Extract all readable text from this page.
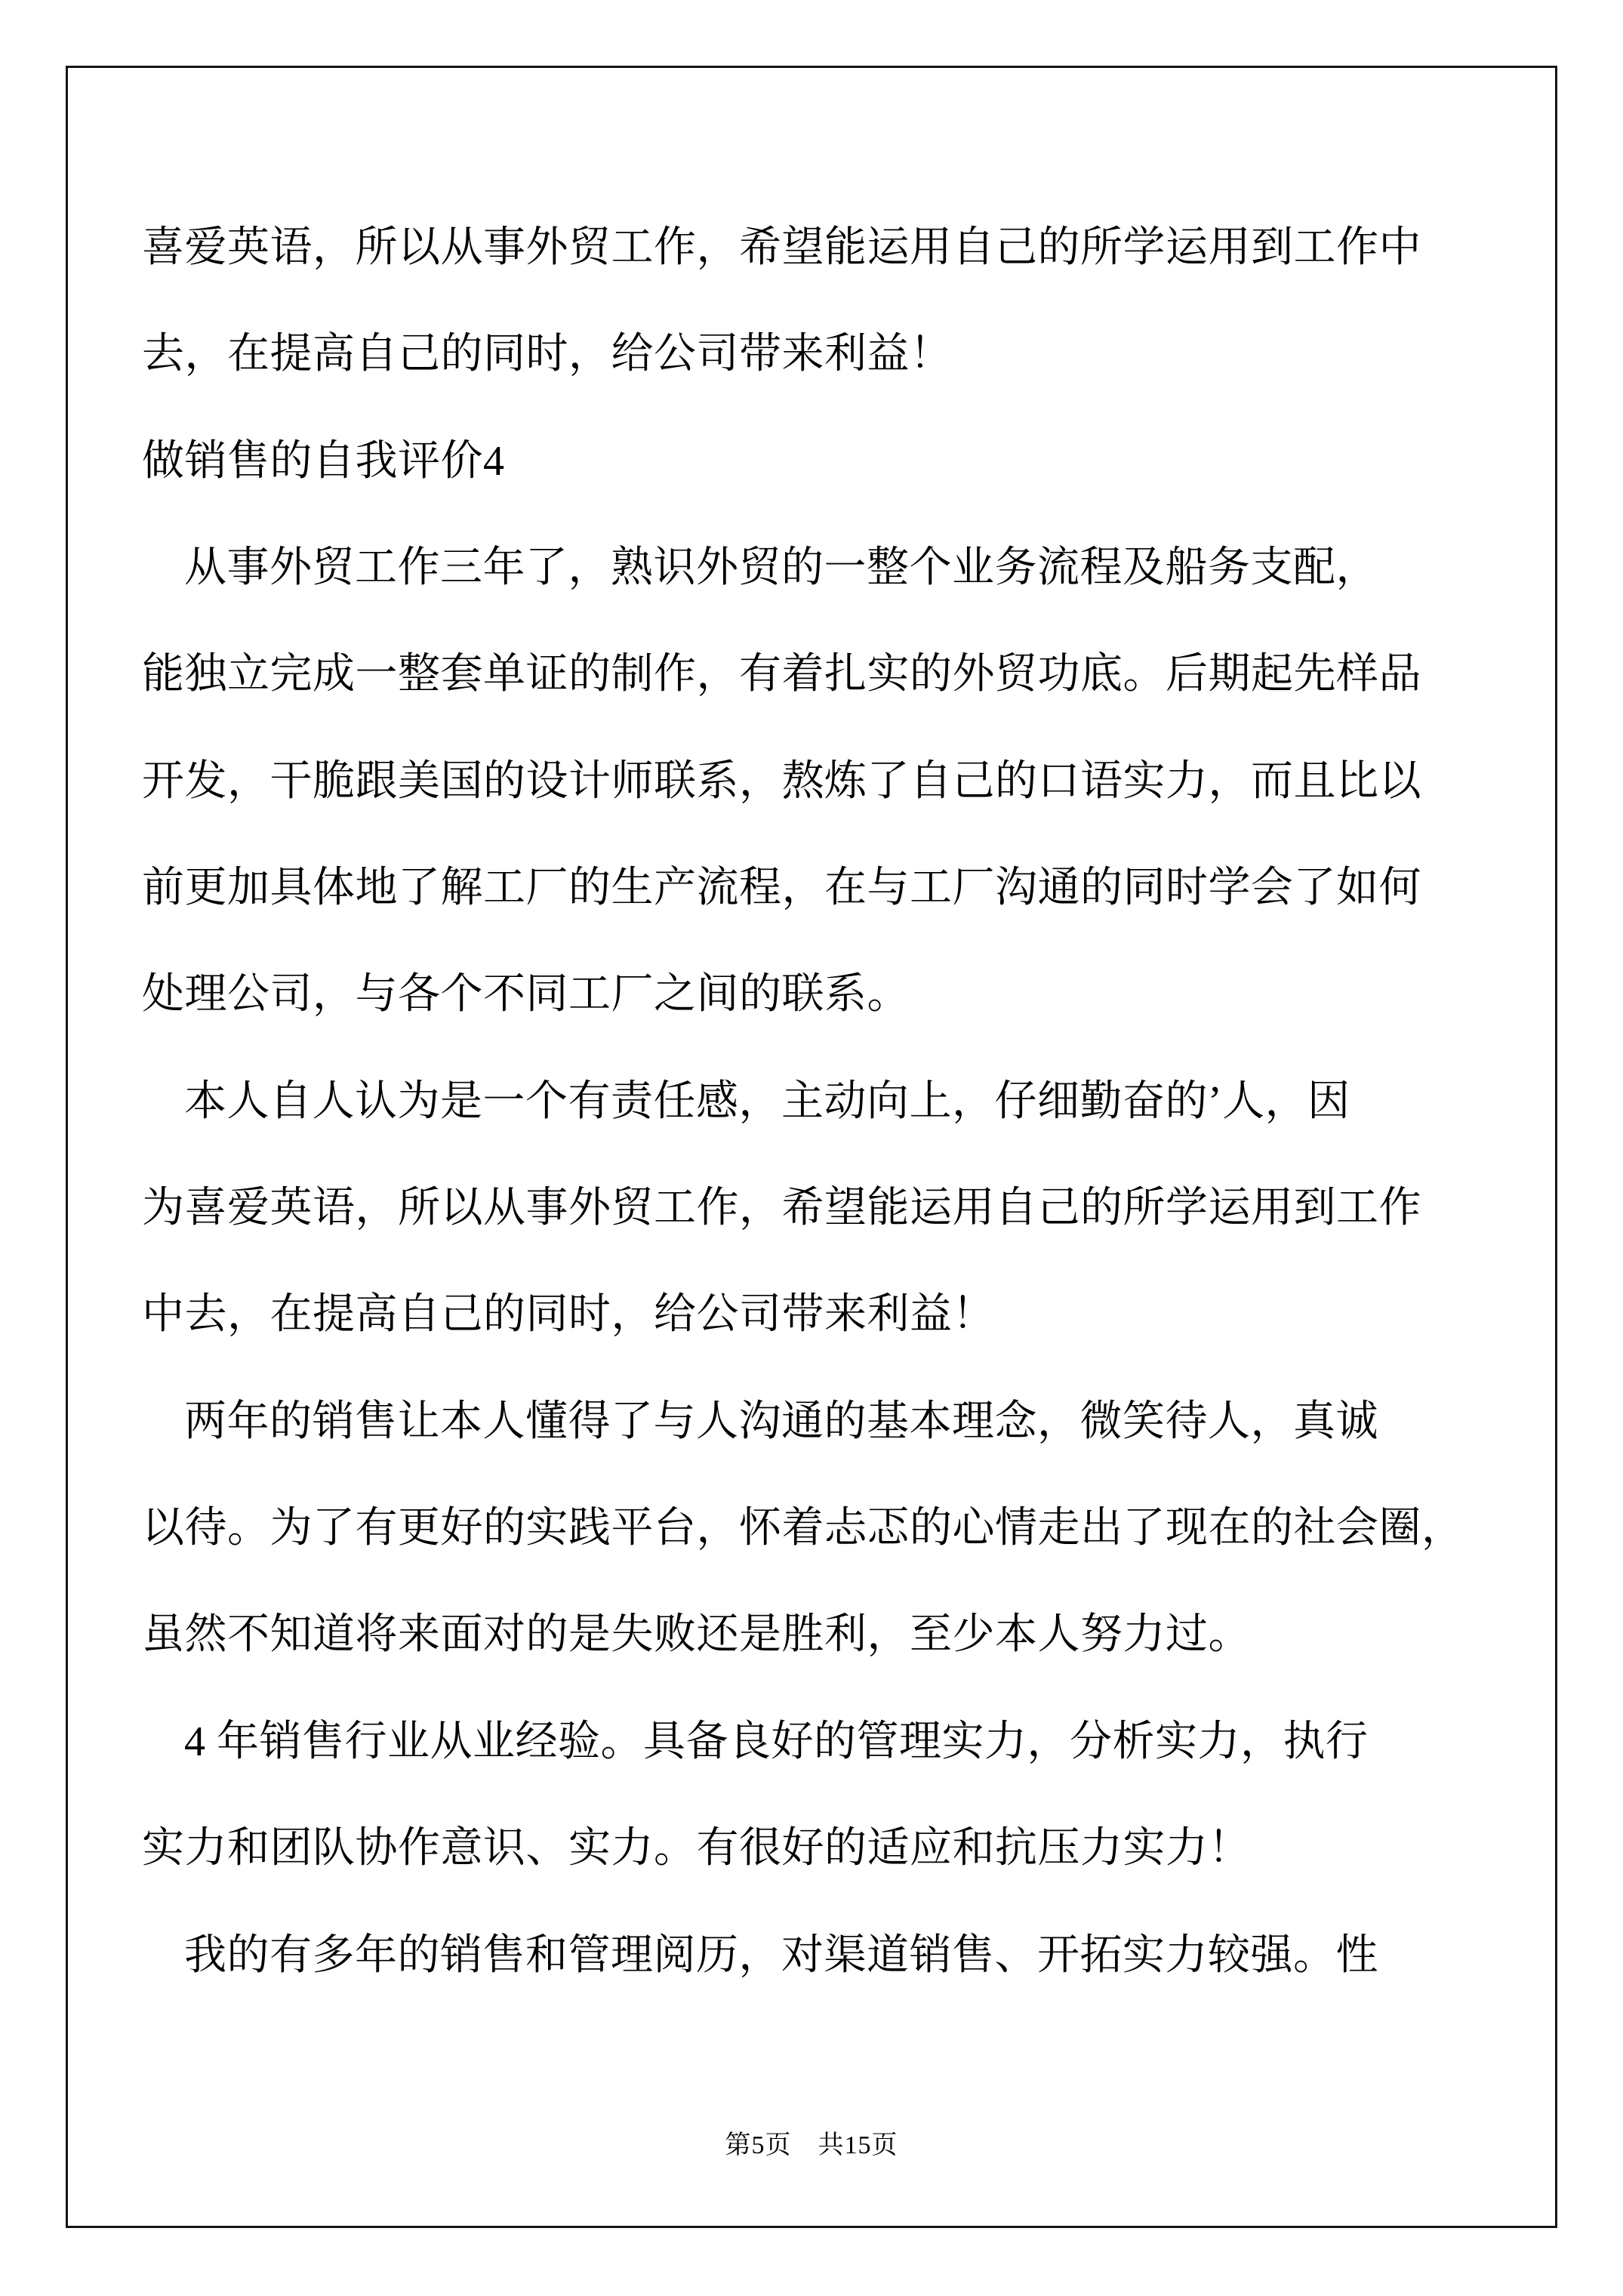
喜爱英语，所以从事外贸工作，希望能运用自己的所学运用到工作中
去，在提高自己的同时，给公司带来利益！
做销售的自我评价4
从事外贸工作三年了，熟识外贸的一整个业务流程及船务支配，
能独立完成一整套单证的制作，有着扎实的外贸功底。后期起先样品
开发，干脆跟美国的设计师联系，熬炼了自己的口语实力，而且比以
前更加具体地了解工厂的生产流程，在与工厂沟通的同时学会了如何
处理公司，与各个不同工厂之间的联系。
本人自人认为是一个有责任感，主动向上，仔细勤奋的’人，因
为喜爱英语，所以从事外贸工作，希望能运用自己的所学运用到工作
中去，在提高自己的同时，给公司带来利益！
两年的销售让本人懂得了与人沟通的基本理念，微笑待人，真诚
以待。为了有更好的实践平台，怀着忐忑的心情走出了现在的社会圈，
虽然不知道将来面对的是失败还是胜利，至少本人努力过。
4 年销售行业从业经验。具备良好的管理实力，分析实力，执行
实力和团队协作意识、实力。有很好的适应和抗压力实力！
我的有多年的销售和管理阅历，对渠道销售、开拓实力较强。性
第5页　共15页
